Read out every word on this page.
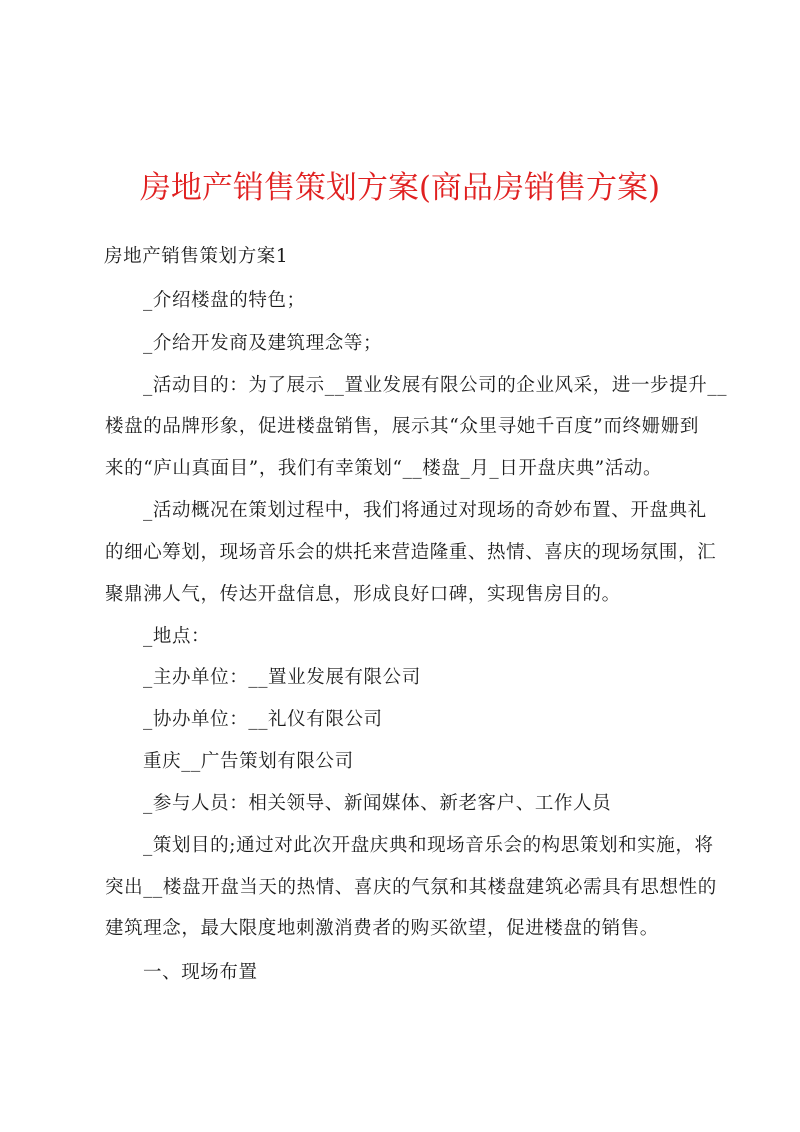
房地产销售策划方案(商品房销售方案)
房地产销售策划方案1
_介绍楼盘的特色；
_介给开发商及建筑理念等；
_活动目的：为了展示__置业发展有限公司的企业风采，进一步提升__
楼盘的品牌形象，促进楼盘销售，展示其“众里寻她千百度”而终姗姗到
来的“庐山真面目”，我们有幸策划“__楼盘_月_日开盘庆典”活动。
_活动概况在策划过程中，我们将通过对现场的奇妙布置、开盘典礼
的细心筹划，现场音乐会的烘托来营造隆重、热情、喜庆的现场氛围，汇
聚鼎沸人气，传达开盘信息，形成良好口碑，实现售房目的。
_地点：
_主办单位：__置业发展有限公司
_协办单位：__礼仪有限公司
重庆__广告策划有限公司
_参与人员：相关领导、新闻媒体、新老客户、工作人员
_策划目的;通过对此次开盘庆典和现场音乐会的构思策划和实施，将
突出__楼盘开盘当天的热情、喜庆的气氛和其楼盘建筑必需具有思想性的
建筑理念，最大限度地刺激消费者的购买欲望，促进楼盘的销售。
一、现场布置
